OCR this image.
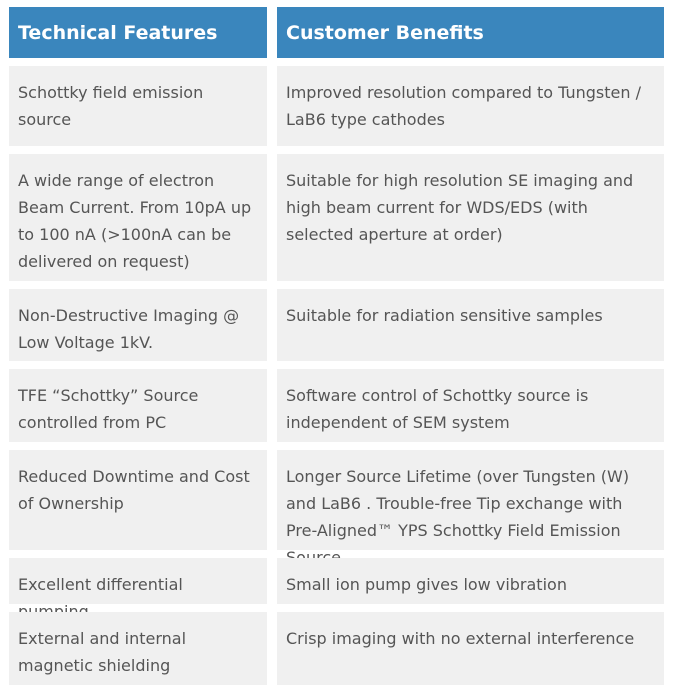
Technical Features	Customer Benefits
Schottky field emission source
Improved resolution compared to Tungsten / LaB6 type cathodes
A wide range of electron Beam Current. From 10pA up to 100 nA (>100nA can be delivered on request)
Suitable for high resolution SE imaging and high beam current for WDS/EDS (with selected aperture at order)
Non-Destructive Imaging @ Low Voltage 1kV.
Suitable for radiation sensitive samples
TFE “Schottky” Source controlled from PC
Software control of Schottky source is independent of SEM system
Reduced Downtime and Cost of Ownership
Longer Source Lifetime (over Tungsten (W) and LaB6 . Trouble-free Tip exchange with Pre-Aligned™ YPS Schottky Field Emission
Excellent differential	Small ion pump gives low vibration
External and internal magnetic shielding
Crisp imaging with no external interference
